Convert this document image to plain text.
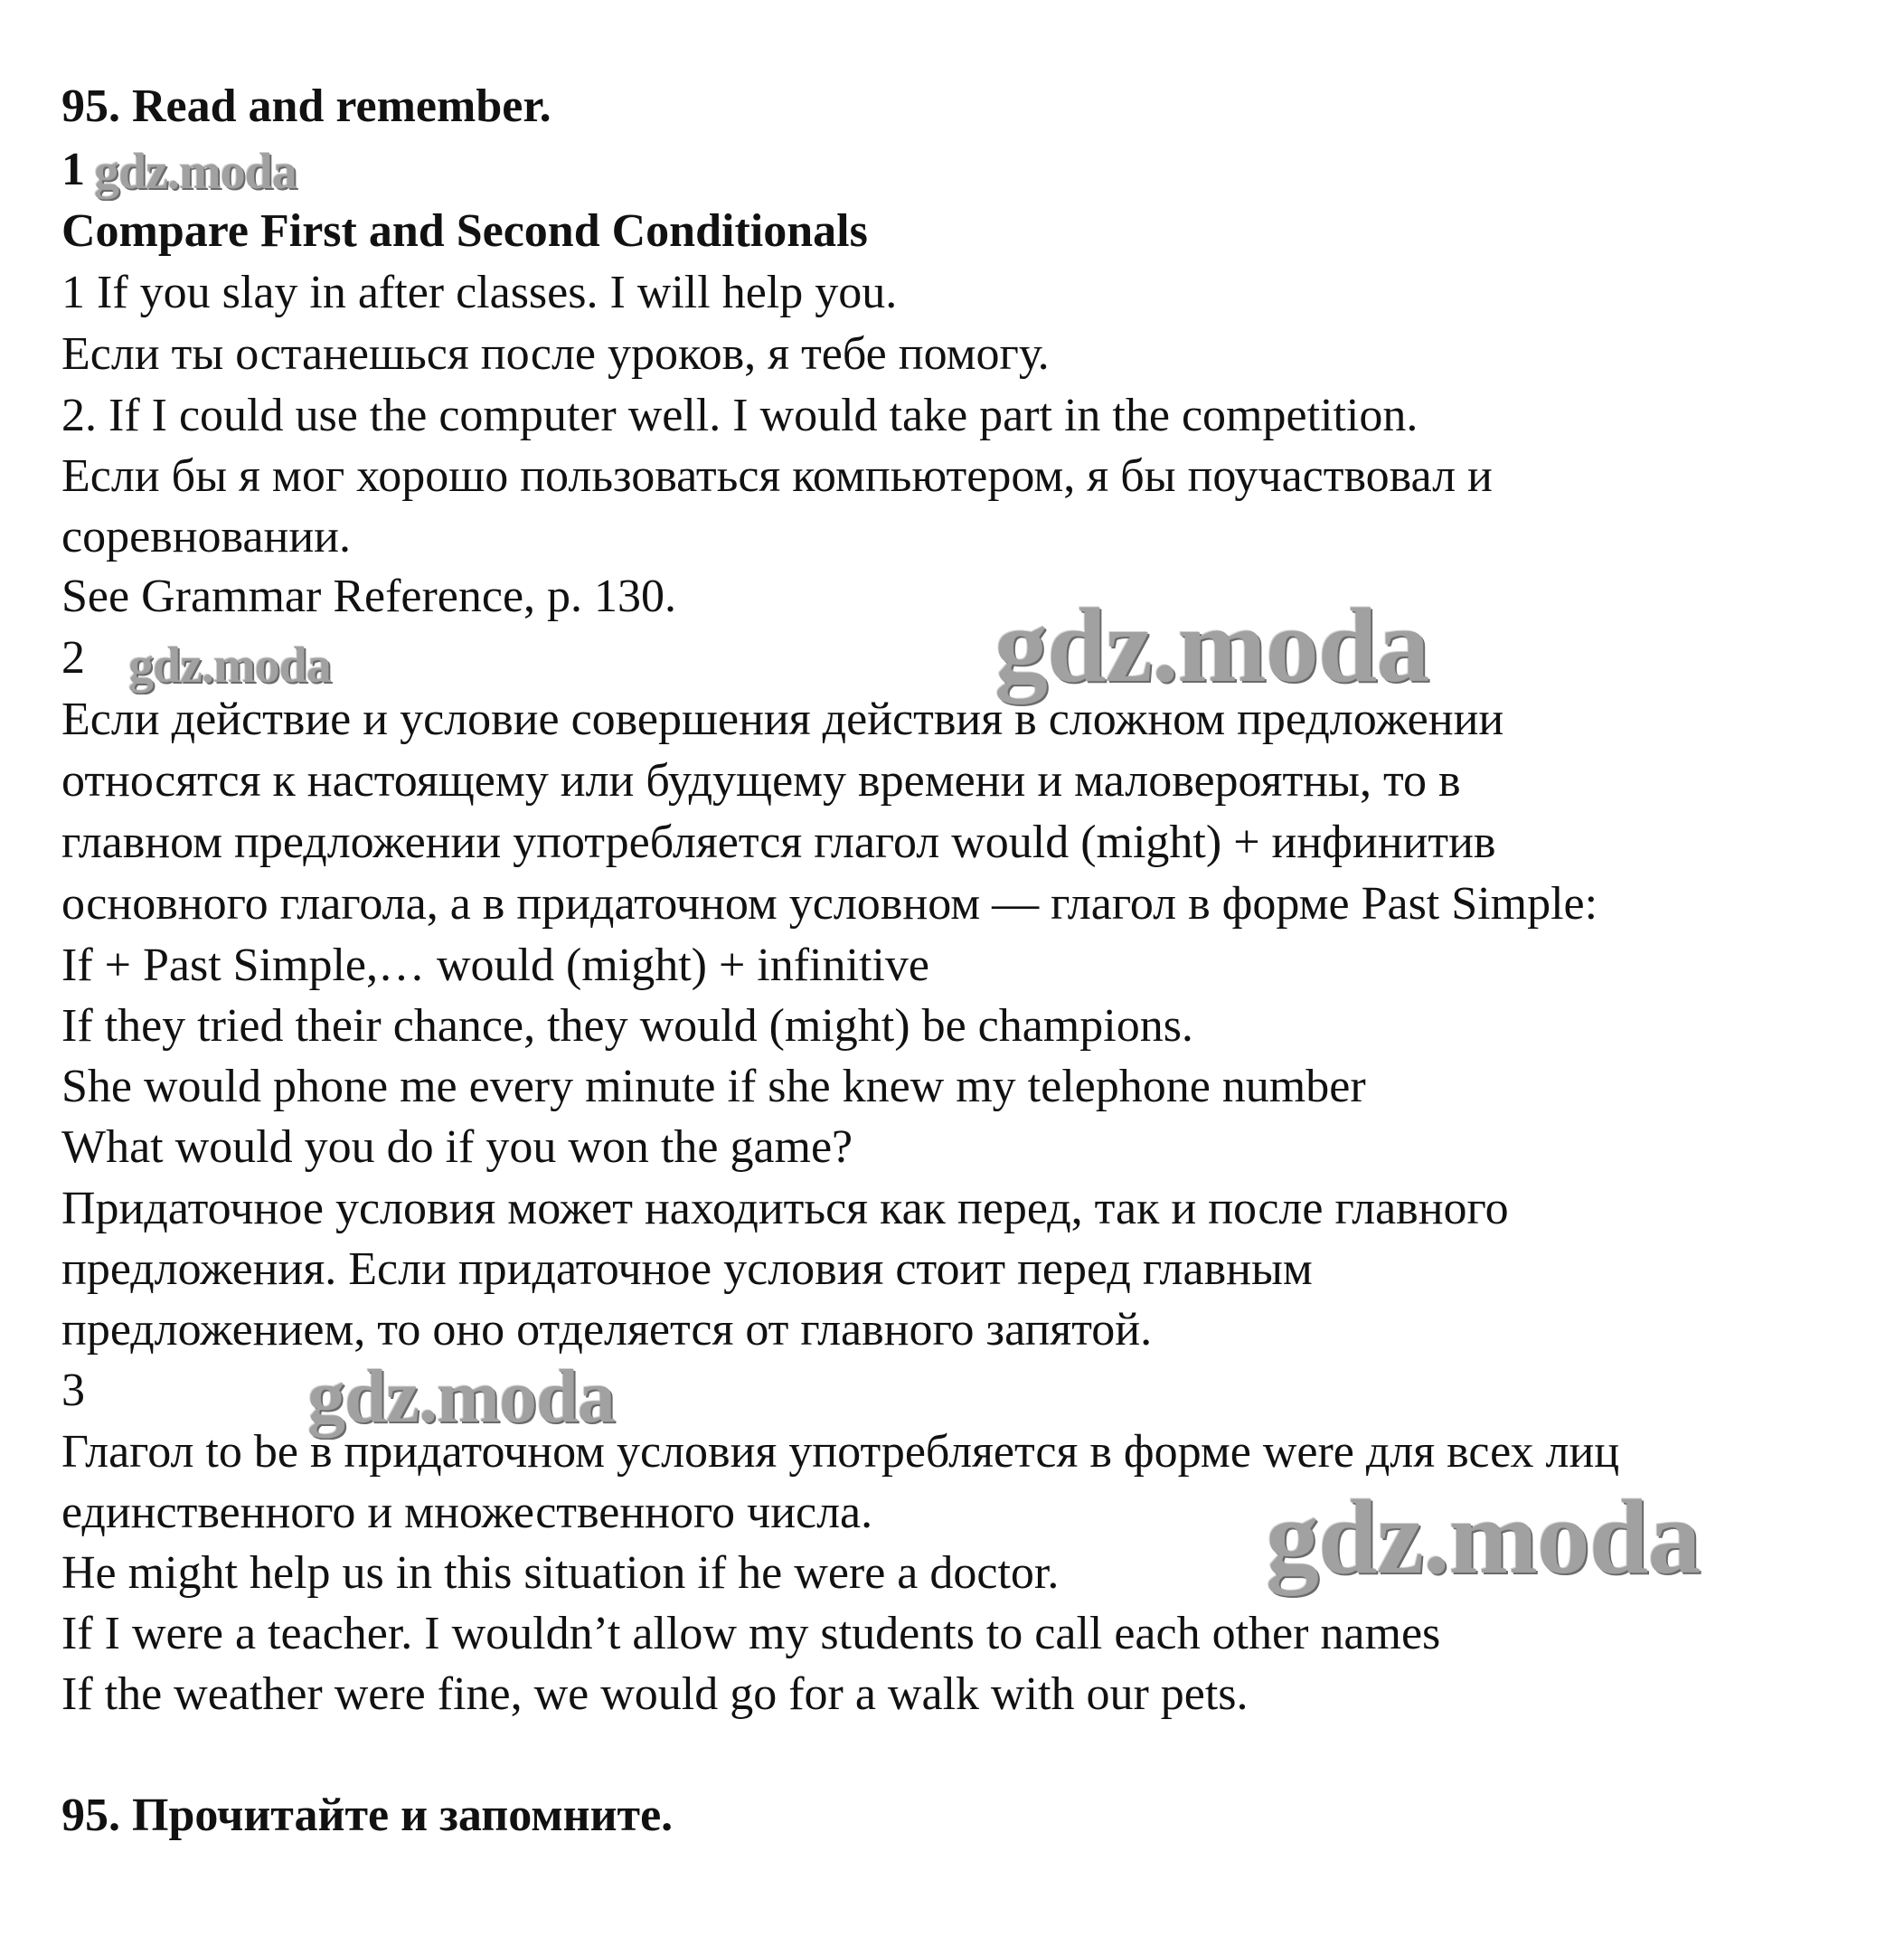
95. Read and remember.
1 gdz.moda
Compare First and Second Conditionals
1 If you slay in after classes. I will help you.
Если ты останешься после уроков, я тебе помогу.
2. If I could use the computer well. I would take part in the competition.
Если бы я мог хорошо пользоваться компьютером, я бы поучаствовал и
соревновании.
See Grammar Reference, p. 130.
2 gdz.moda	gdz.moda
Если действие и условие совершения действия в сложном предложении
относятся к настоящему или будущему времени и маловероятны, то в
главном предложении употребляется глагол would (might) + инфинитив
основного глагола, а в придаточном условном — глагол в форме Past Simple:
If + Past Simple,… would (might) + infinitive
If they tried their chance, they would (might) be champions.
She would phone me every minute if she knew my telephone number
What would you do if you won the game?
Придаточное условия может находиться как перед, так и после главного
предложения. Если придаточное условия стоит перед главным
предложением, то оно отделяется от главного запятой.
3	gdz.moda
Глагол to be в придаточном условия употребляется в форме were для всех лиц
единственного и множественного числа.	gdz.moda
He might help us in this situation if he were a doctor.
If I were a teacher. I wouldn’t allow my students to call each other names
If the weather were fine, we would go for a walk with our pets.
95. Прочитайте и запомните.
